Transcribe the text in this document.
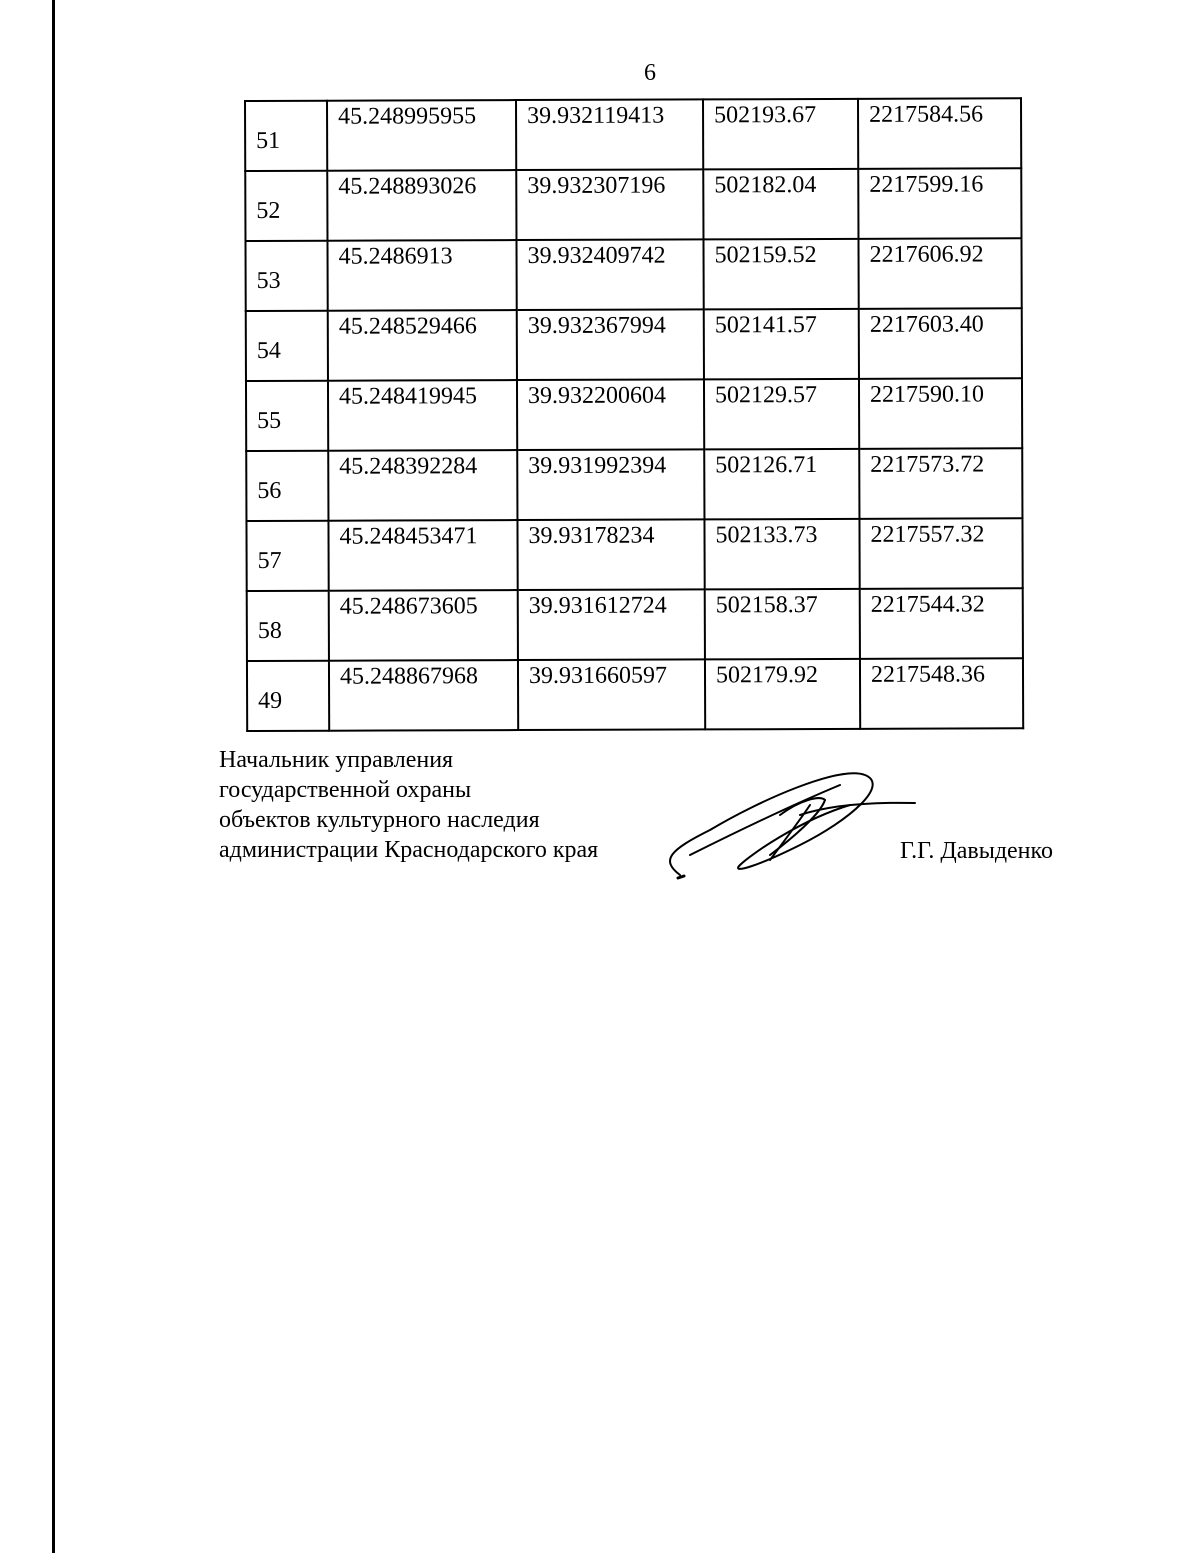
6
51	45.248995955	39.932119413	502193.67	2217584.56
52	45.248893026	39.932307196	502182.04	2217599.16
53	45.2486913	39.932409742	502159.52	2217606.92
54	45.248529466	39.932367994	502141.57	2217603.40
55	45.248419945	39.932200604	502129.57	2217590.10
56	45.248392284	39.931992394	502126.71	2217573.72
57	45.248453471	39.93178234	502133.73	2217557.32
58	45.248673605	39.931612724	502158.37	2217544.32
49	45.248867968	39.931660597	502179.92	2217548.36
Начальник управления
государственной охраны
объектов культурного наследия
администрации Краснодарского края	Г.Г. Давыденко
